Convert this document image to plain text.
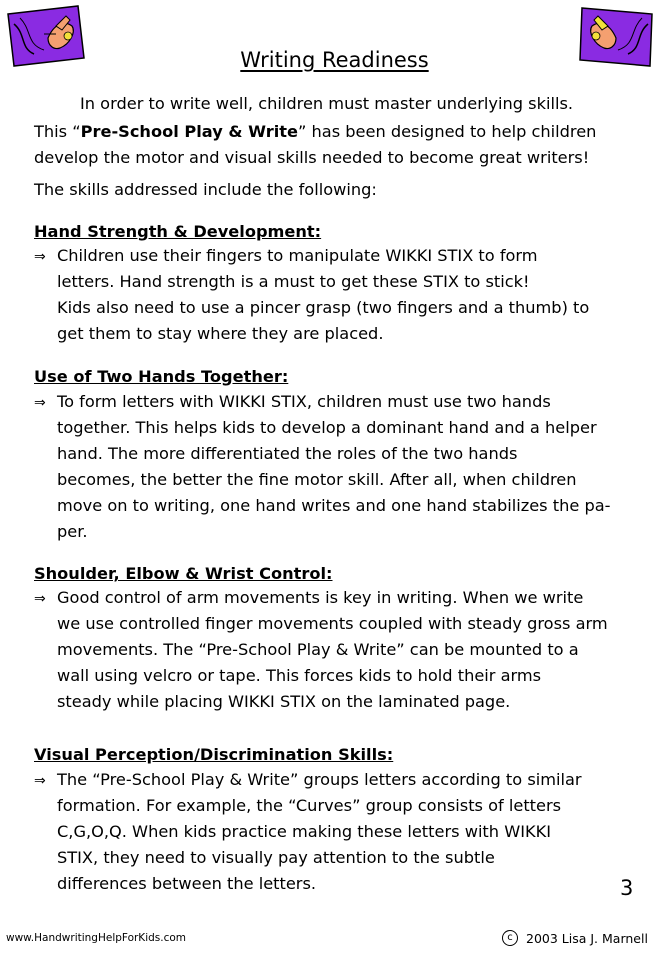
Writing Readiness
In order to write well, children must master underlying skills.
This “Pre-School Play & Write” has been designed to help children
develop the motor and visual skills needed to become great writers!
The skills addressed include the following:
Hand Strength & Development:
⇒ Children use their fingers to manipulate WIKKI STIX to form
letters. Hand strength is a must to get these STIX to stick!
Kids also need to use a pincer grasp (two fingers and a thumb) to
get them to stay where they are placed.
Use of Two Hands Together:
⇒ To form letters with WIKKI STIX, children must use two hands
together. This helps kids to develop a dominant hand and a helper
hand. The more differentiated the roles of the two hands
becomes, the better the fine motor skill. After all, when children
move on to writing, one hand writes and one hand stabilizes the pa-
per.
Shoulder, Elbow & Wrist Control:
⇒ Good control of arm movements is key in writing. When we write
we use controlled finger movements coupled with steady gross arm
movements. The “Pre-School Play & Write” can be mounted to a
wall using velcro or tape. This forces kids to hold their arms
steady while placing WIKKI STIX on the laminated page.
Visual Perception/Discrimination Skills:
⇒ The “Pre-School Play & Write” groups letters according to similar
formation. For example, the “Curves” group consists of letters
C,G,O,Q. When kids practice making these letters with WIKKI
STIX, they need to visually pay attention to the subtle
differences between the letters.	3
www.HandwritingHelpForKids.com	c	2003 Lisa J. Marnell
